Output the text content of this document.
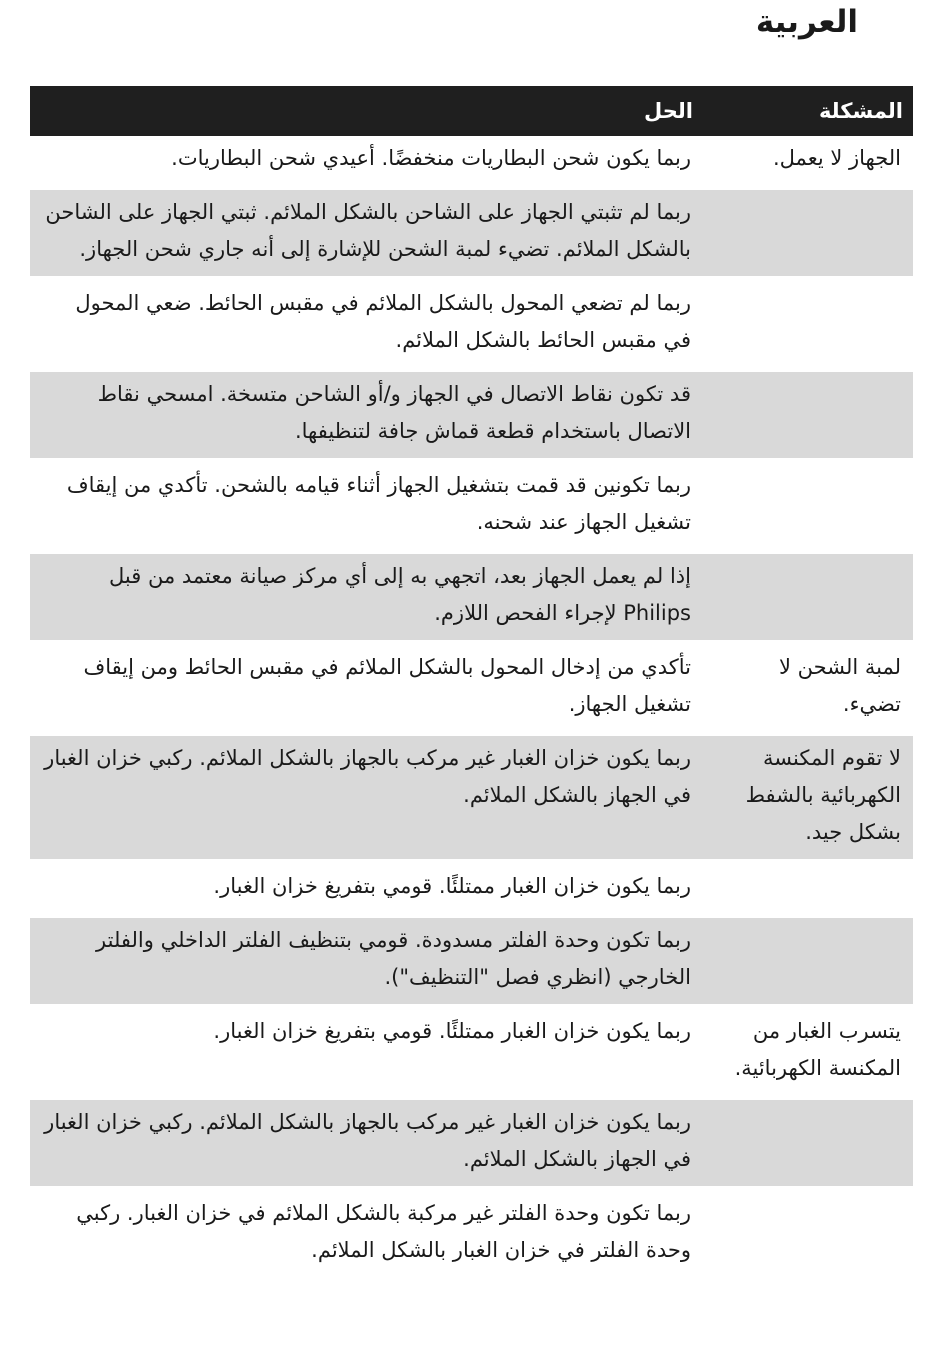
العربية
المشكلة	الحل
الجهاز لا يعمل.	ربما يكون شحن البطاريات منخفضًا. أعيدي شحن البطاريات.
	ربما لم تثبتي الجهاز على الشاحن بالشكل الملائم. ثبتي الجهاز على الشاحن بالشكل الملائم. تضيء لمبة الشحن للإشارة إلى أنه جاري شحن الجهاز.
	ربما لم تضعي المحول بالشكل الملائم في مقبس الحائط. ضعي المحول في مقبس الحائط بالشكل الملائم.
	قد تكون نقاط الاتصال في الجهاز و/أو الشاحن متسخة. امسحي نقاط الاتصال باستخدام قطعة قماش جافة لتنظيفها.
	ربما تكونين قد قمت بتشغيل الجهاز أثناء قيامه بالشحن. تأكدي من إيقاف تشغيل الجهاز عند شحنه.
	إذا لم يعمل الجهاز بعد، اتجهي به إلى أي مركز صيانة معتمد من قبل Philips لإجراء الفحص اللازم.
لمبة الشحن لا تضيء.	تأكدي من إدخال المحول بالشكل الملائم في مقبس الحائط ومن إيقاف تشغيل الجهاز.
لا تقوم المكنسة الكهربائية بالشفط بشكل جيد.	ربما يكون خزان الغبار غير مركب بالجهاز بالشكل الملائم. ركبي خزان الغبار في الجهاز بالشكل الملائم.
	ربما يكون خزان الغبار ممتلئًا. قومي بتفريغ خزان الغبار.
	ربما تكون وحدة الفلتر مسدودة. قومي بتنظيف الفلتر الداخلي والفلتر الخارجي (انظري فصل "التنظيف").
يتسرب الغبار من المكنسة الكهربائية.	ربما يكون خزان الغبار ممتلئًا. قومي بتفريغ خزان الغبار.
	ربما يكون خزان الغبار غير مركب بالجهاز بالشكل الملائم. ركبي خزان الغبار في الجهاز بالشكل الملائم.
	ربما تكون وحدة الفلتر غير مركبة بالشكل الملائم في خزان الغبار. ركبي وحدة الفلتر في خزان الغبار بالشكل الملائم.
